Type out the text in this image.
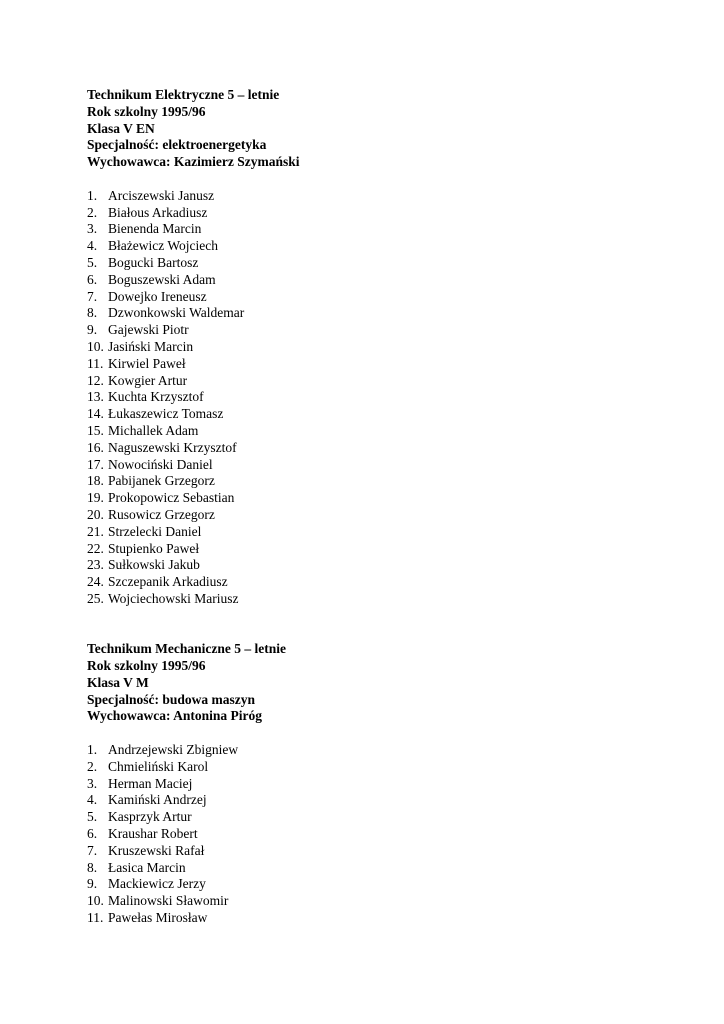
Technikum Elektryczne 5 – letnie
Rok szkolny 1995/96
Klasa V EN
Specjalność: elektroenergetyka
Wychowawca: Kazimierz Szymański
1. Arciszewski Janusz
2. Białous Arkadiusz
3. Bienenda Marcin
4. Błażewicz Wojciech
5. Bogucki Bartosz
6. Boguszewski Adam
7. Dowejko Ireneusz
8. Dzwonkowski Waldemar
9. Gajewski Piotr
10. Jasiński Marcin
11. Kirwiel Paweł
12. Kowgier Artur
13. Kuchta Krzysztof
14. Łukaszewicz Tomasz
15. Michallek Adam
16. Naguszewski Krzysztof
17. Nowociński Daniel
18. Pabijanek Grzegorz
19. Prokopowicz Sebastian
20. Rusowicz Grzegorz
21. Strzelecki Daniel
22. Stupienko Paweł
23. Sułkowski Jakub
24. Szczepanik Arkadiusz
25. Wojciechowski Mariusz
Technikum Mechaniczne 5 – letnie
Rok szkolny 1995/96
Klasa V M
Specjalność: budowa maszyn
Wychowawca: Antonina Piróg
1. Andrzejewski Zbigniew
2. Chmieliński Karol
3. Herman Maciej
4. Kamiński Andrzej
5. Kasprzyk Artur
6. Kraushar Robert
7. Kruszewski Rafał
8. Łasica Marcin
9. Mackiewicz Jerzy
10. Malinowski Sławomir
11. Pawełas Mirosław
